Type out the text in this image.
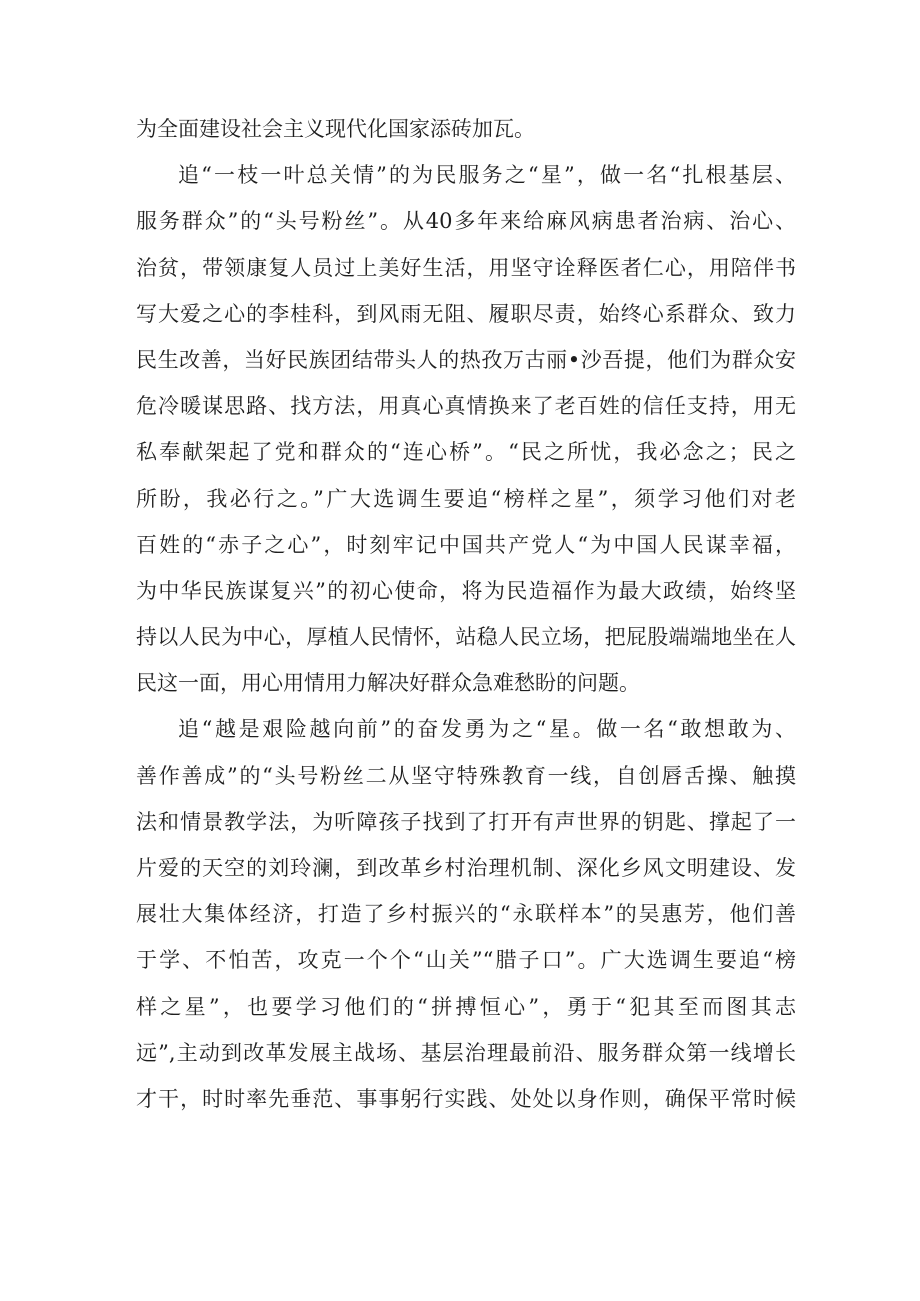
为全面建设社会主义现代化国家添砖加瓦。
追“一枝一叶总关情”的为民服务之“星”，做一名“扎根基层、
服务群众”的“头号粉丝”。从40多年来给麻风病患者治病、治心、
治贫，带领康复人员过上美好生活，用坚守诠释医者仁心，用陪伴书
写大爱之心的李桂科，到风雨无阻、履职尽责，始终心系群众、致力
民生改善，当好民族团结带头人的热孜万古丽•沙吾提，他们为群众安
危冷暖谋思路、找方法，用真心真情换来了老百姓的信任支持，用无
私奉献架起了党和群众的“连心桥”。“民之所忧，我必念之；民之
所盼，我必行之。”广大选调生要追“榜样之星”，须学习他们对老
百姓的“赤子之心”，时刻牢记中国共产党人“为中国人民谋幸福，
为中华民族谋复兴”的初心使命，将为民造福作为最大政绩，始终坚
持以人民为中心，厚植人民情怀，站稳人民立场，把屁股端端地坐在人
民这一面，用心用情用力解决好群众急难愁盼的问题。
追“越是艰险越向前”的奋发勇为之“星。做一名“敢想敢为、
善作善成”的“头号粉丝二从坚守特殊教育一线，自创唇舌操、触摸
法和情景教学法，为听障孩子找到了打开有声世界的钥匙、撑起了一
片爱的天空的刘玲澜，到改革乡村治理机制、深化乡风文明建设、发
展壮大集体经济，打造了乡村振兴的“永联样本”的吴惠芳，他们善
于学、不怕苦，攻克一个个“山关”“腊子口”。广大选调生要追“榜
样之星”，也要学习他们的“拼搏恒心”，勇于“犯其至而图其志
远”,主动到改革发展主战场、基层治理最前沿、服务群众第一线增长
才干，时时率先垂范、事事躬行实践、处处以身作则，确保平常时候
